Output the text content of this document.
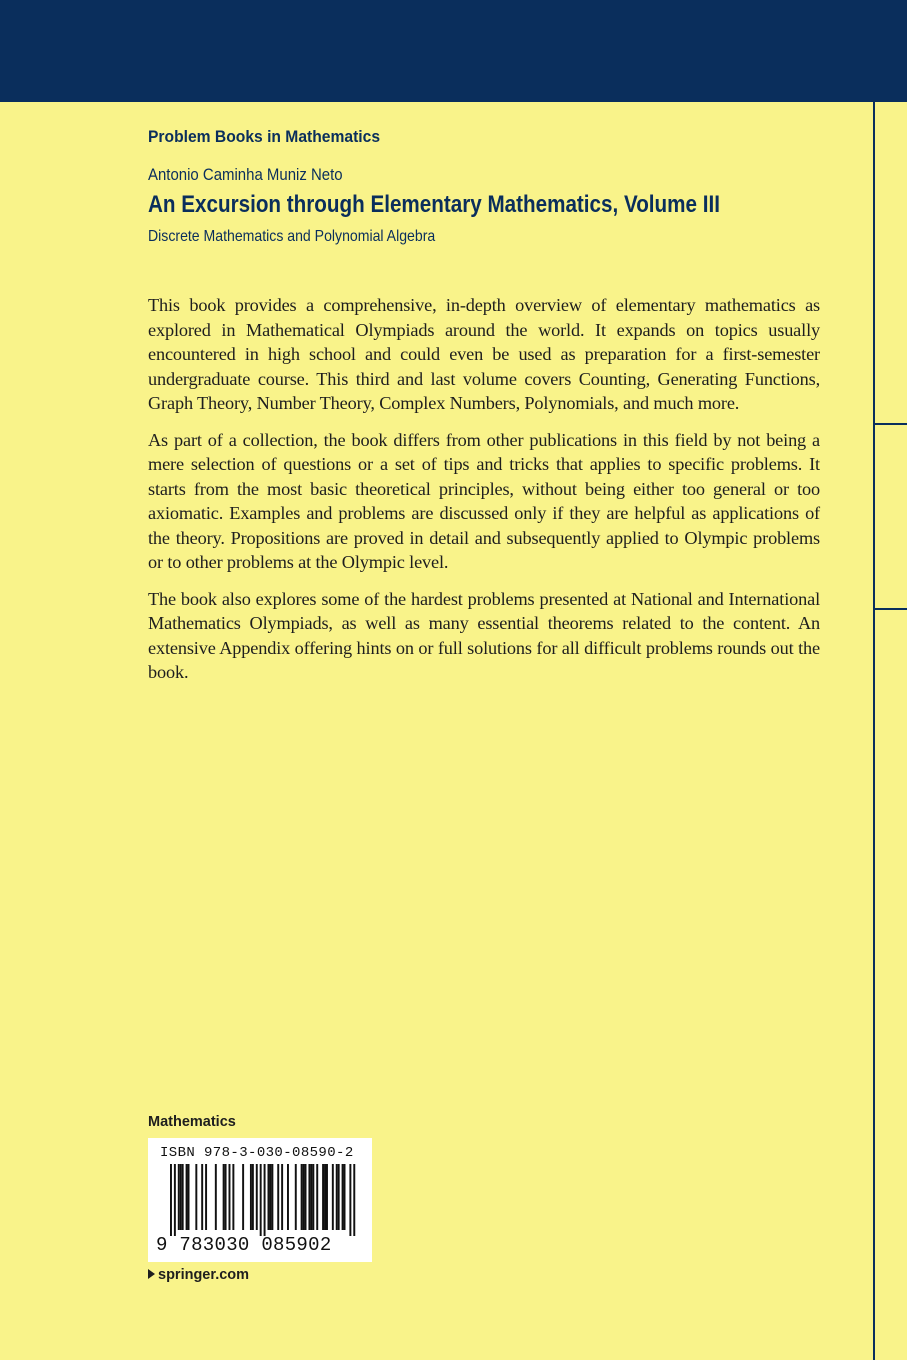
Problem Books in Mathematics
Antonio Caminha Muniz Neto
An Excursion through Elementary Mathematics, Volume III
Discrete Mathematics and Polynomial Algebra

This book provides a comprehensive, in-depth overview of elementary mathematics as explored in Mathematical Olympiads around the world. It expands on topics usually encountered in high school and could even be used as preparation for a first-semester undergraduate course. This third and last volume covers Counting, Generating Functions, Graph Theory, Number Theory, Complex Numbers, Polynomials, and much more.

As part of a collection, the book differs from other publications in this field by not being a mere selection of questions or a set of tips and tricks that applies to specific problems. It starts from the most basic theoretical principles, without being either too general or too axiomatic. Examples and problems are discussed only if they are helpful as applications of the theory. Propositions are proved in detail and subsequently applied to Olympic problems or to other problems at the Olympic level.

The book also explores some of the hardest problems presented at National and International Mathematics Olympiads, as well as many essential theorems related to the content. An extensive Appendix offering hints on or full solutions for all difficult problems rounds out the book.

Mathematics
ISBN 978-3-030-08590-2
9 783030 085902
springer.com
